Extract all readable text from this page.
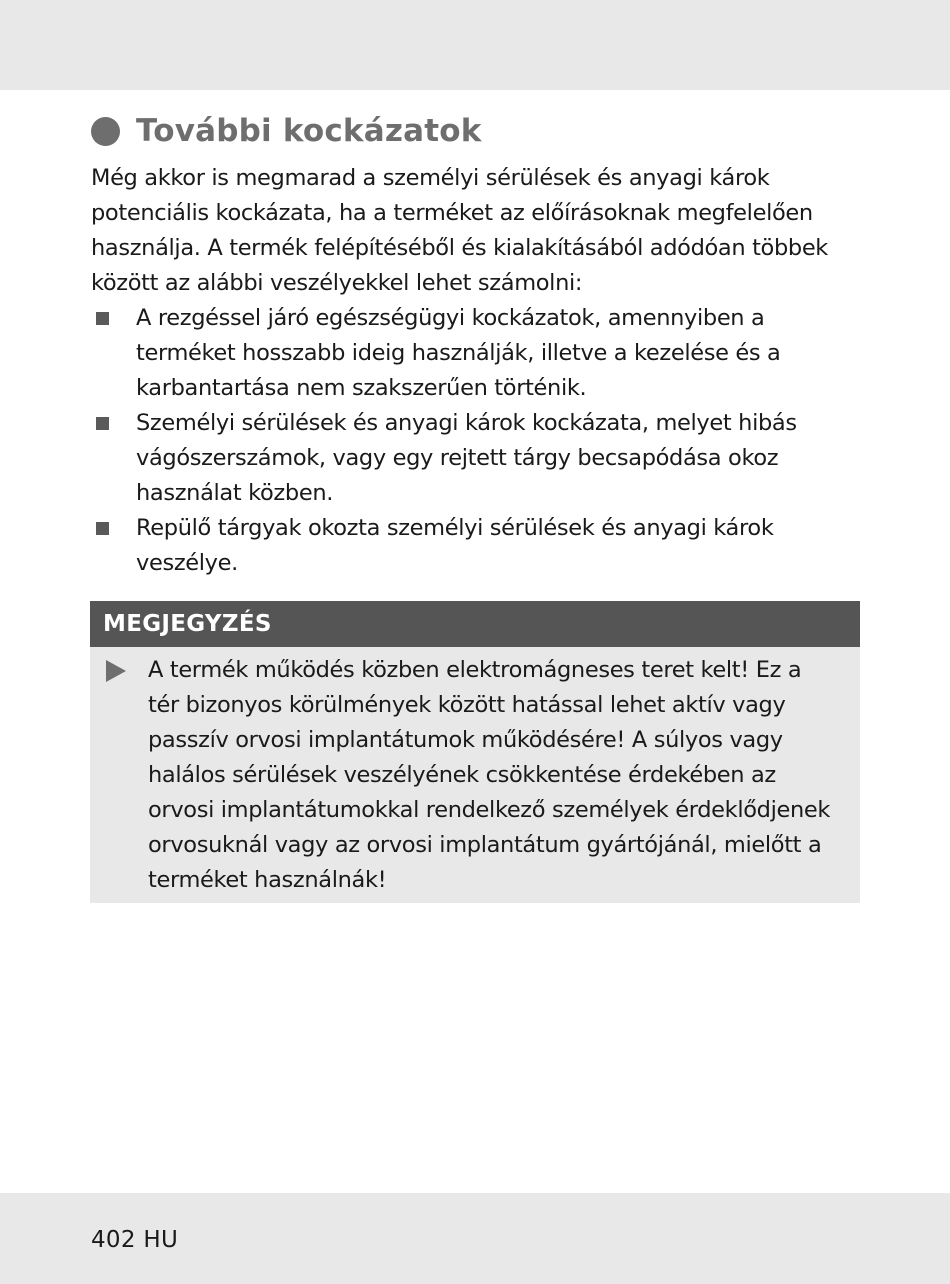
További kockázatok

Még akkor is megmarad a személyi sérülések és anyagi károk
potenciális kockázata, ha a terméket az előírásoknak megfelelően
használja. A termék felépítéséből és kialakításából adódóan többek
között az alábbi veszélyekkel lehet számolni:

A rezgéssel járó egészségügyi kockázatok, amennyiben a
terméket hosszabb ideig használják, illetve a kezelése és a
karbantartása nem szakszerűen történik.
Személyi sérülések és anyagi károk kockázata, melyet hibás
vágószerszámok, vagy egy rejtett tárgy becsapódása okoz
használat közben.
Repülő tárgyak okozta személyi sérülések és anyagi károk
veszélye.
MEGJEGYZÉS
A termék működés közben elektromágneses teret kelt! Ez a
tér bizonyos körülmények között hatással lehet aktív vagy
passzív orvosi implantátumok működésére! A súlyos vagy
halálos sérülések veszélyének csökkentése érdekében az
orvosi implantátumokkal rendelkező személyek érdeklődjenek
orvosuknál vagy az orvosi implantátum gyártójánál, mielőtt a
terméket használnák!
402 HU
